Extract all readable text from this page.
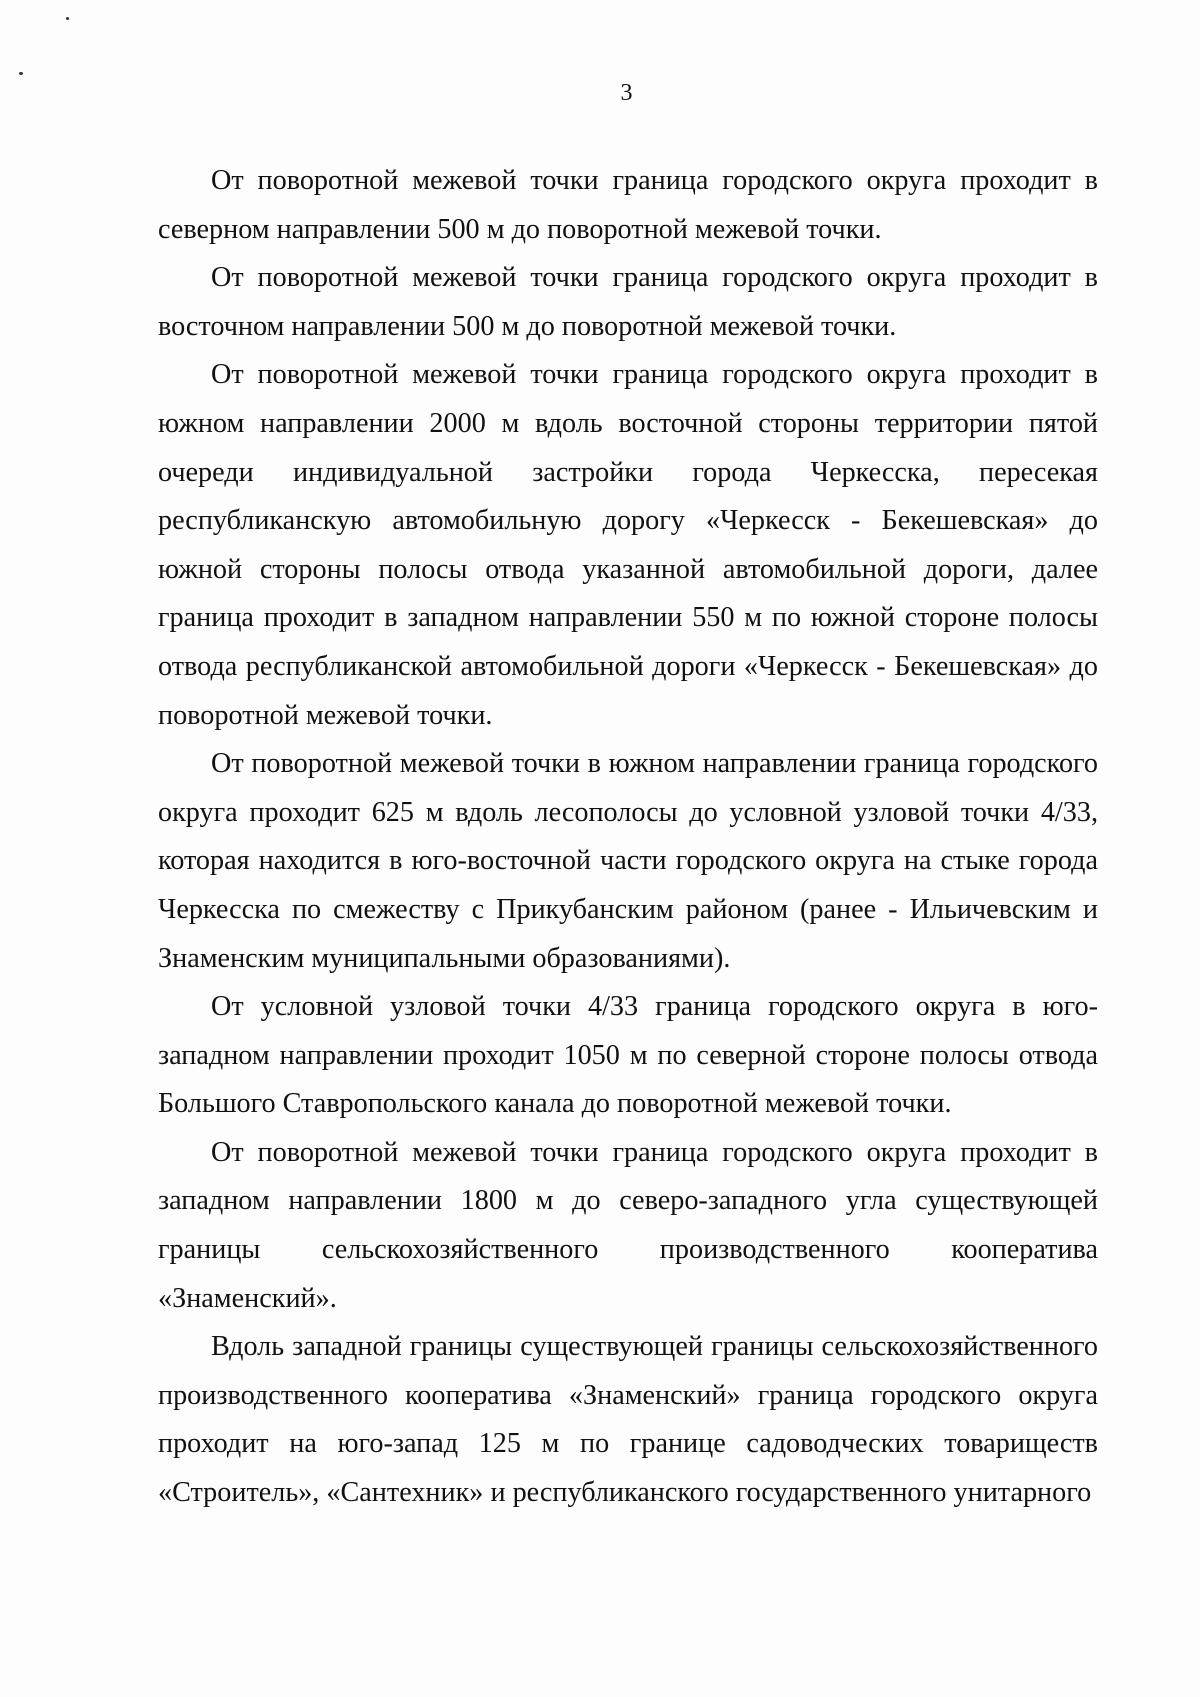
3

От поворотной межевой точки граница городского округа проходит в северном направлении 500 м до поворотной межевой точки.

От поворотной межевой точки граница городского округа проходит в восточном направлении 500 м до поворотной межевой точки.

От поворотной межевой точки граница городского округа проходит в южном направлении 2000 м вдоль восточной стороны территории пятой очереди индивидуальной застройки города Черкесска, пересекая республиканскую автомобильную дорогу «Черкесск - Бекешевская» до южной стороны полосы отвода указанной автомобильной дороги, далее граница проходит в западном направлении 550 м по южной стороне полосы отвода республиканской автомобильной дороги «Черкесск - Бекешевская» до поворотной межевой точки.

От поворотной межевой точки в южном направлении граница городского округа проходит 625 м вдоль лесополосы до условной узловой точки 4/33, которая находится в юго-восточной части городского округа на стыке города Черкесска по смежеству с Прикубанским районом (ранее - Ильичевским и Знаменским муниципальными образованиями).

От условной узловой точки 4/33 граница городского округа в юго-западном направлении проходит 1050 м по северной стороне полосы отвода Большого Ставропольского канала до поворотной межевой точки.

От поворотной межевой точки граница городского округа проходит в западном направлении 1800 м до северо-западного угла существующей границы сельскохозяйственного производственного кооператива «Знаменский».

Вдоль западной границы существующей границы сельскохозяйственного производственного кооператива «Знаменский» граница городского округа проходит на юго-запад 125 м по границе садоводческих товариществ «Строитель», «Сантехник» и республиканского государственного унитарного
